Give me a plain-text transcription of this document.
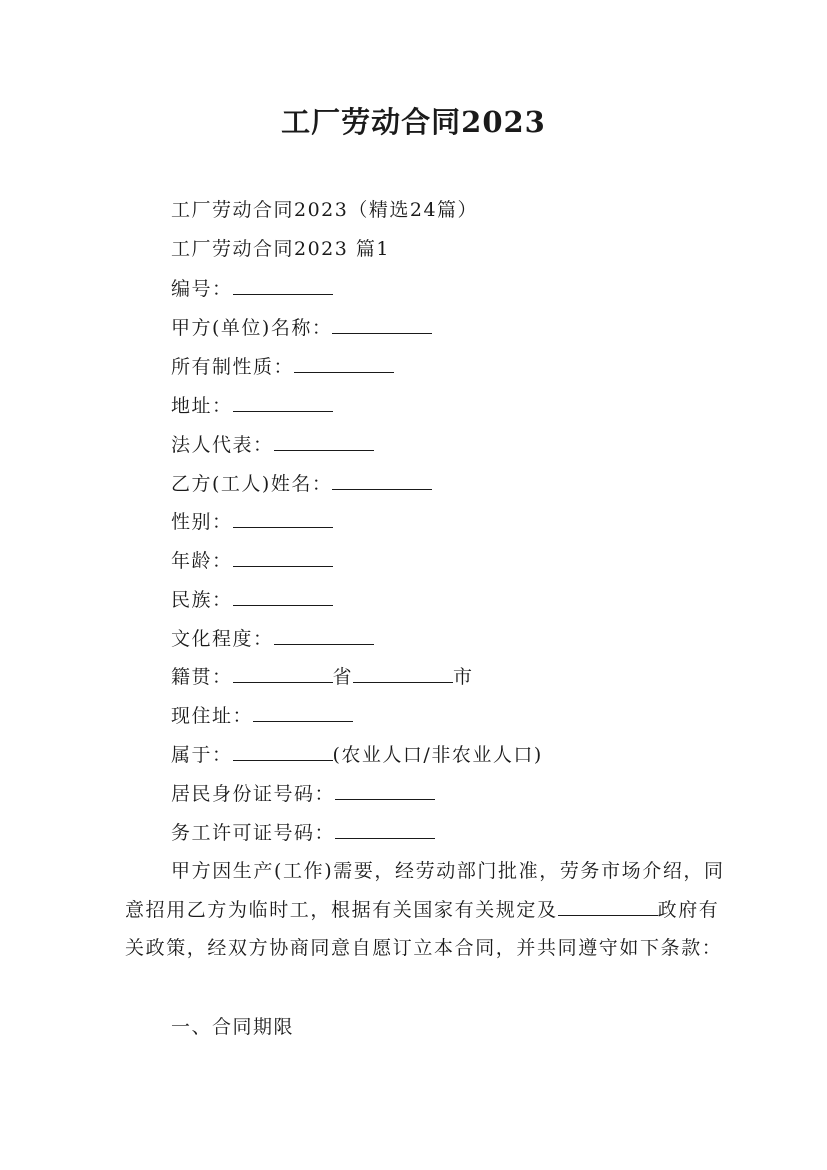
工厂劳动合同2023
工厂劳动合同2023（精选24篇）
工厂劳动合同2023 篇1
编号：
甲方(单位)名称：
所有制性质：
地址：
法人代表：
乙方(工人)姓名：
性别：
年龄：
民族：
文化程度：
籍贯：	省	市
现住址：
属于：	(农业人口/非农业人口)
居民身份证号码：
务工许可证号码：
甲方因生产(工作)需要，经劳动部门批准，劳务市场介绍，同意招用乙方为临时工，根据有关国家有关规定及	政府有关政策，经双方协商同意自愿订立本合同，并共同遵守如下条款：
一、合同期限
